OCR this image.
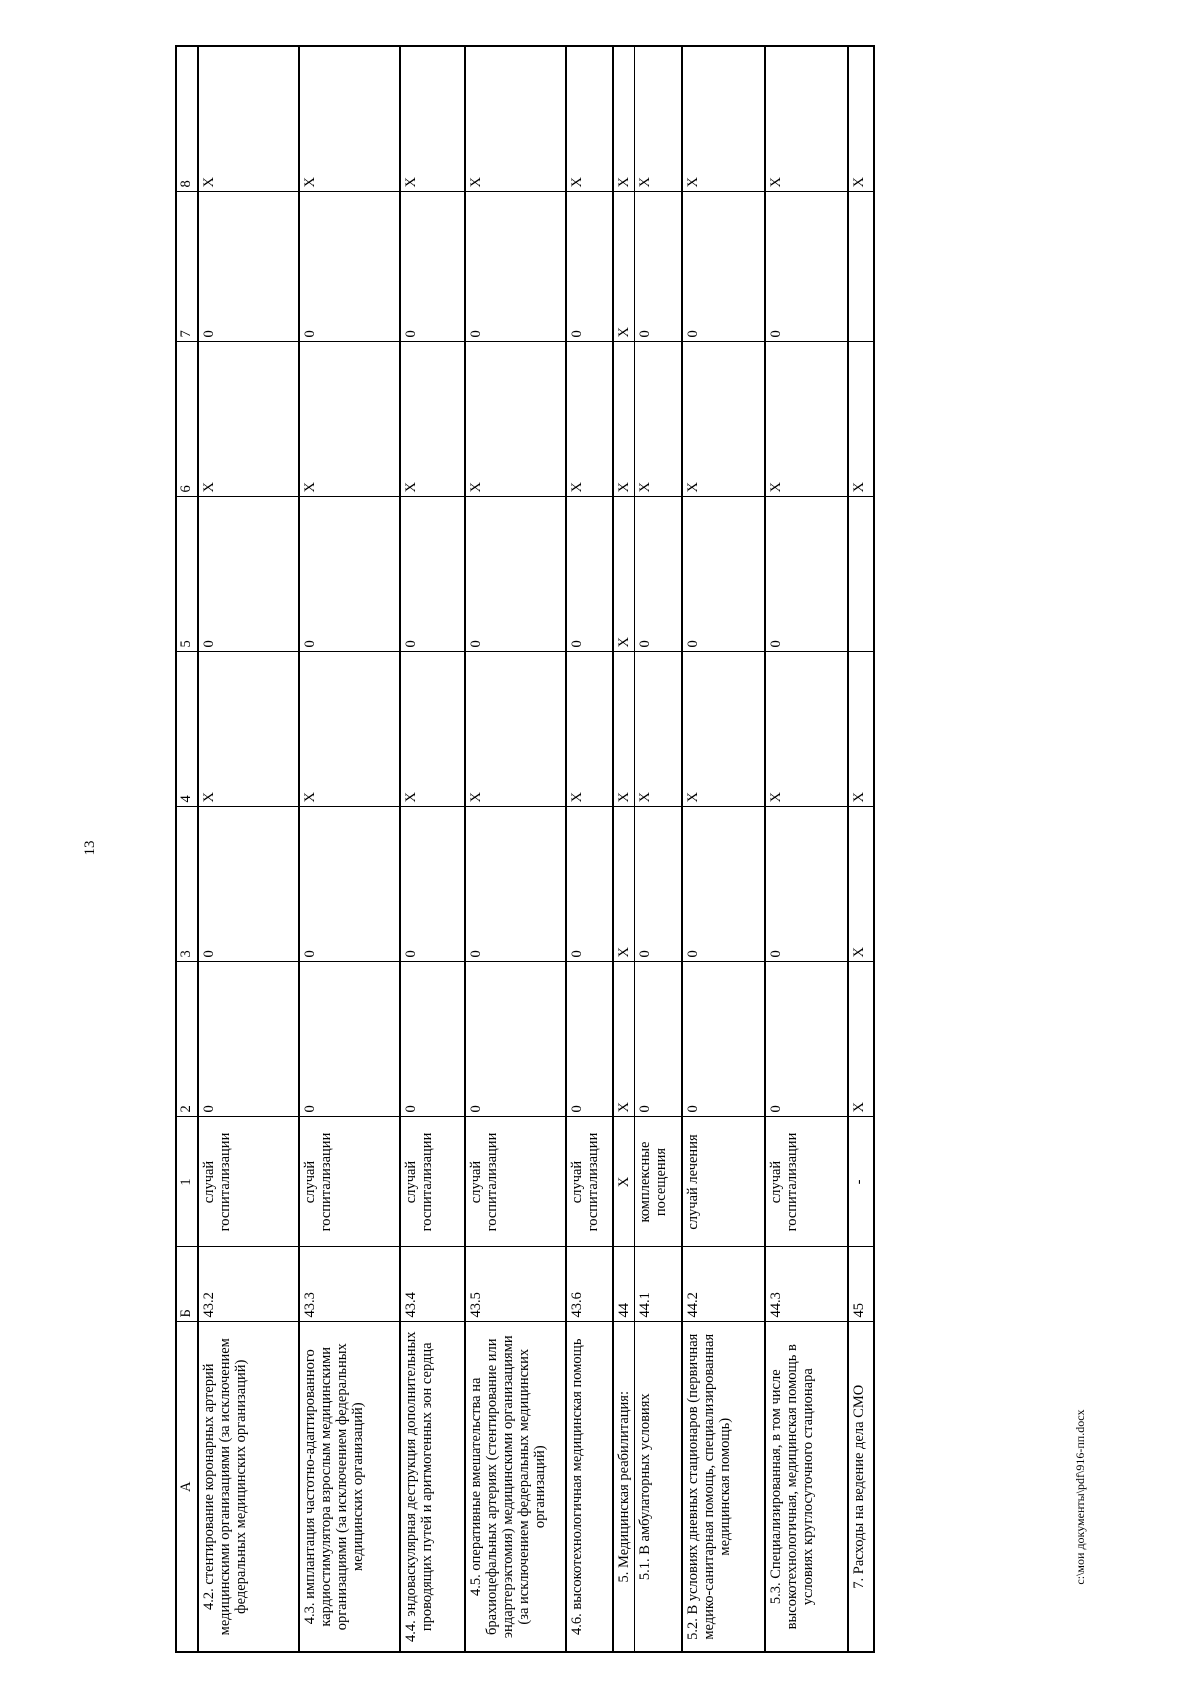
13
А	Б	1	2	3	4	5	6	7	8
4.2. стентирование коронарных артерий медицинскими организациями (за исключением федеральных медицинских организаций)	43.2	случай госпитализации	0	0	Х	0	Х	0	Х
4.3. имплантация частотно-адаптированного кардиостимулятора взрослым медицинскими организациями (за исключением федеральных медицинских организаций)	43.3	случай госпитализации	0	0	Х	0	Х	0	Х
4.4. эндоваскулярная деструкция дополнительных проводящих путей и аритмогенных зон сердца	43.4	случай госпитализации	0	0	Х	0	Х	0	Х
4.5. оперативные вмешательства на брахиоцефальных артериях (стентирование или эндартерэктомия) медицинскими организациями (за исключением федеральных медицинских организаций)	43.5	случай госпитализации	0	0	Х	0	Х	0	Х
4.6. высокотехнологичная медицинская помощь	43.6	случай госпитализации	0	0	Х	0	Х	0	Х
5. Медицинская реабилитация:	44	Х	Х	Х	Х	Х	Х	Х	Х
5.1. В амбулаторных условиях	44.1	комплексные посещения	0	0	Х	0	Х	0	Х
5.2. В условиях дневных стационаров (первичная медико-санитарная помощь, специализированная медицинская помощь)	44.2	случай лечения	0	0	Х	0	Х	0	Х
5.3. Специализированная, в том числе высокотехнологичная, медицинская помощь в условиях круглосуточного стационара	44.3	случай госпитализации	0	0	Х	0	Х	0	Х
7. Расходы на ведение дела СМО	45	-	Х	Х	Х		Х		Х
c:\мои документы\pdf\916-пп.docx
